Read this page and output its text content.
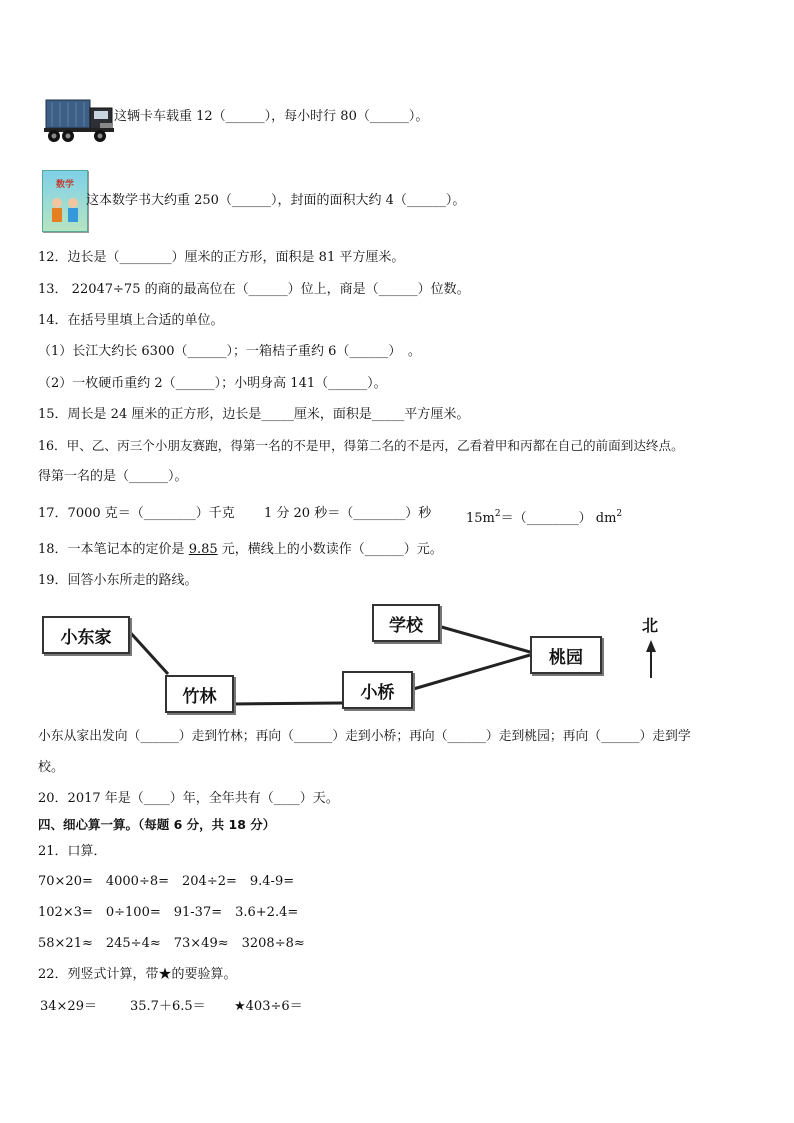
这辆卡车载重 12（______），每小时行 80（______）。
数学
这本数学书大约重 250（______），封面的面积大约 4（______）。
12．边长是（________）厘米的正方形，面积是 81 平方厘米。
13． 22047÷75 的商的最高位在（______）位上，商是（______）位数。
14．在括号里填上合适的单位。
（1）长江大约长 6300（______）；一箱桔子重约 6（______）　。
（2）一枚硬币重约 2（______）；小明身高 141（______）。
15．周长是 24 厘米的正方形，边长是_____厘米，面积是_____平方厘米。
16．甲、乙、丙三个小朋友赛跑，得第一名的不是甲，得第二名的不是丙，乙看着甲和丙都在自己的前面到达终点。
得第一名的是（______）。
17．7000 克＝（________）千克 1 分 20 秒＝（________）秒	$15m^2=(\_\_\_\_\_\_\_\_)$ $dm^2$
18．一本笔记本的定价是 9.85 元，横线上的小数读作（______）元。
19．回答小东所走的路线。
小东家
竹林	小桥
学校
桃园
北
小东从家出发向（______）走到竹林；再向（______）走到小桥；再向（______）走到桃园；再向（______）走到学
校。
20．2017 年是（____）年，全年共有（____）天。
四、细心算一算。（每题 6 分，共 18 分）
21．口算．
70×20=　4000÷8=　204÷2=　9.4-9=
102×3=　0÷100=　91-37=　3.6+2.4=
58×21≈　245÷4≈　73×49≈　3208÷8≈
22．列竖式计算，带★的要验算。
34×29＝	35.7＋6.5＝ ★403÷6＝
